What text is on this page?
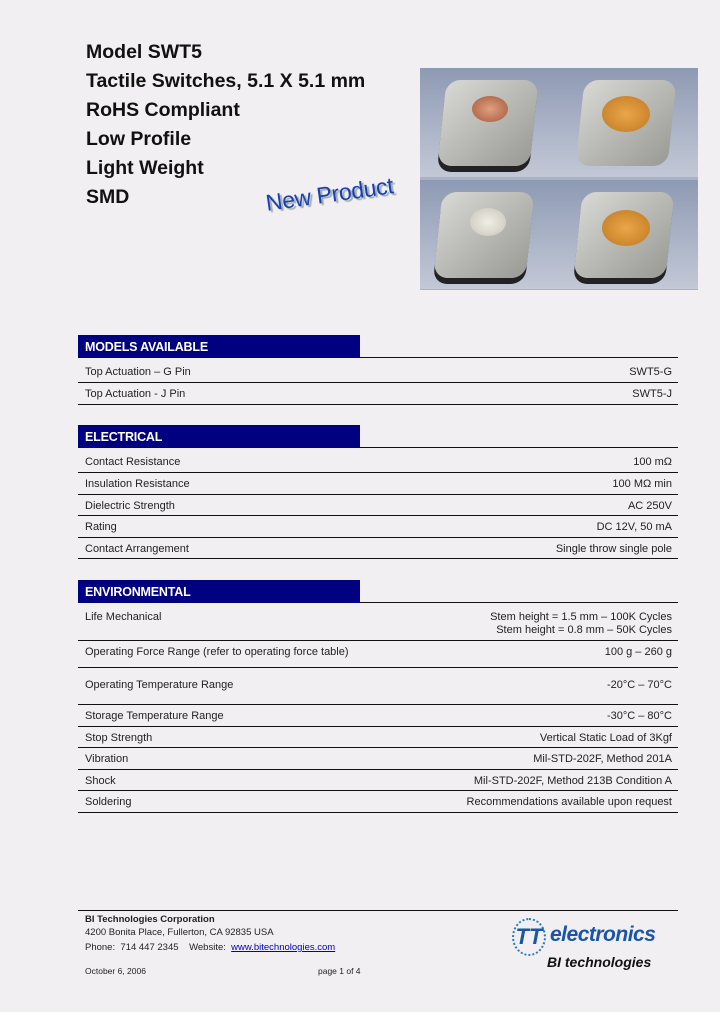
Model SWT5
Tactile Switches, 5.1 X 5.1 mm
RoHS Compliant
Low Profile
Light Weight
SMD	New Product
MODELS AVAILABLE
Top Actuation – G Pin	SWT5-G
Top Actuation - J Pin	SWT5-J
ELECTRICAL
Contact Resistance	100 mΩ
Insulation Resistance	100 MΩ min
Dielectric Strength	AC 250V
Rating	DC 12V, 50 mA
Contact Arrangement	Single throw single pole
ENVIRONMENTAL
Life Mechanical	Stem height = 1.5 mm – 100K Cycles
Stem height = 0.8 mm – 50K Cycles
Operating Force Range (refer to operating force table)	100 g – 260 g
Operating Temperature Range	-20°C – 70°C
Storage Temperature Range	-30°C – 80°C
Stop Strength	Vertical Static Load of 3Kgf
Vibration	Mil-STD-202F, Method 201A
Shock	Mil-STD-202F, Method 213B Condition A
Soldering	Recommendations available upon request
BI Technologies Corporation
4200 Bonita Place, Fullerton, CA 92835 USA
Phone: 714 447 2345 Website: www.bitechnologies.com
October 6, 2006	page 1 of 4
TT electronics
BI technologies
